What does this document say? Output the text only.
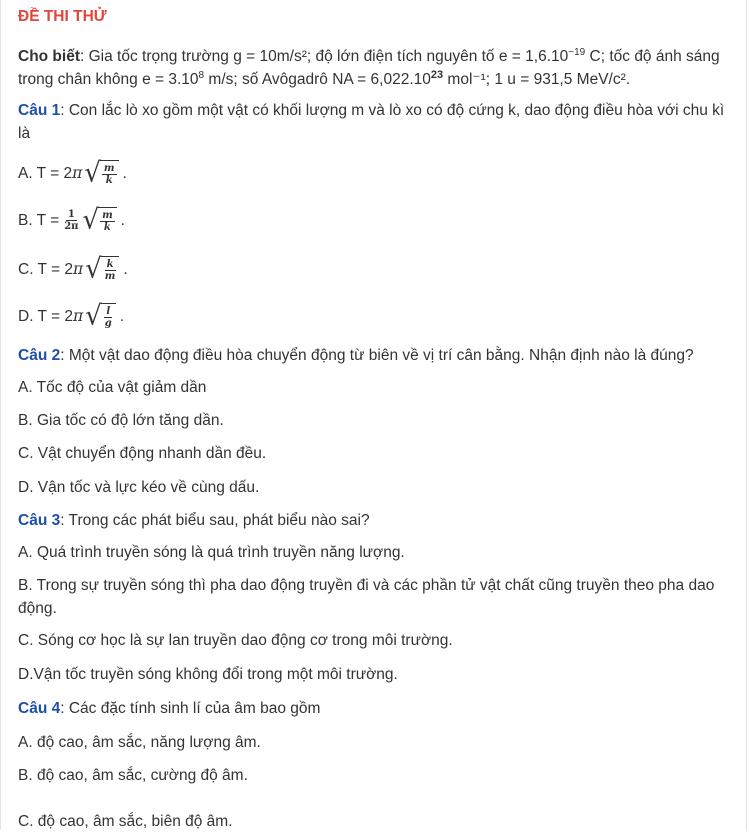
ĐỀ THI THỬ
Cho biết: Gia tốc trọng trường g = 10m/s²; độ lớn điện tích nguyên tố $e = 1,6.10^{-19}$ C; tốc độ ánh sáng trong chân không $e = 3.10^8$ m/s; số Avôgadrô NA = $6,022.10^{23}$ mol⁻¹; 1 u = 931,5 MeV/c².
Câu 1: Con lắc lò xo gồm một vật có khối lượng m và lò xo có độ cứng k, dao động điều hòa với chu kì là
A. T = 2 π √ $\frac{m}{k}$ .
B. $T = \frac{1}{2\pi}$ √ $\frac{m}{k}$ .
C. T = 2 π √ $\frac{k}{m}$ .
D. T = 2 π √ $\frac{l}{g}$ .
Câu 2: Một vật dao động điều hòa chuyển động từ biên về vị trí cân bằng. Nhận định nào là đúng?
A. Tốc độ của vật giảm dần
B. Gia tốc có độ lớn tăng dần.
C. Vật chuyển động nhanh dần đều.
D. Vận tốc và lực kéo về cùng dấu.
Câu 3: Trong các phát biểu sau, phát biểu nào sai?
A. Quá trình truyền sóng là quá trình truyền năng lượng.
B. Trong sự truyền sóng thì pha dao động truyền đi và các phần tử vật chất cũng truyền theo pha dao động.
C. Sóng cơ học là sự lan truyền dao động cơ trong môi trường.
D.Vận tốc truyền sóng không đổi trong một môi trường.
Câu 4: Các đặc tính sinh lí của âm bao gồm
A. độ cao, âm sắc, năng lượng âm.
B. độ cao, âm sắc, cường độ âm.
C. độ cao, âm sắc, biên độ âm.
